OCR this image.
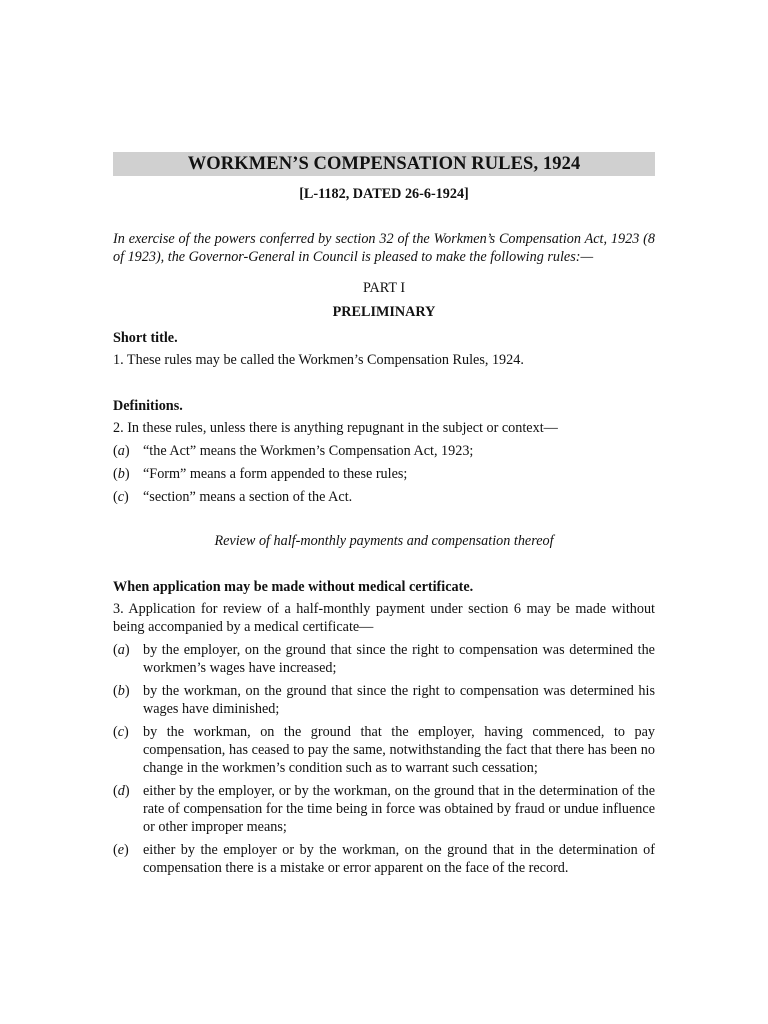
WORKMEN’S COMPENSATION RULES, 1924
[L-1182, DATED 26-6-1924]
In exercise of the powers conferred by section 32 of the Workmen’s Compensation Act, 1923 (8 of 1923), the Governor-General in Council is pleased to make the following rules:—
PART I
PRELIMINARY
Short title.
1. These rules may be called the Workmen’s Compensation Rules, 1924.
Definitions.
2. In these rules, unless there is anything repugnant in the subject or context—
(a) “the Act” means the Workmen’s Compensation Act, 1923;
(b) “Form” means a form appended to these rules;
(c)	“section” means a section of the Act.
Review of half-monthly payments and compensation thereof
When application may be made without medical certificate.
3. Application for review of a half-monthly payment under section 6 may be made without being accompanied by a medical certificate—
(a) by the employer, on the ground that since the right to compensation was determined the workmen’s wages have increased;
(b) by the workman, on the ground that since the right to compensation was determined his wages have diminished;
(c)	by the workman, on the ground that the employer, having commenced, to pay compensation, has ceased to pay the same, notwithstanding the fact that there has been no change in the workmen’s condition such as to warrant such cessation;
(d) either by the employer, or by the workman, on the ground that in the determination of the rate of compensation for the time being in force was obtained by fraud or undue influence or other improper means;
(e)	either by the employer or by the workman, on the ground that in the determination of compensation there is a mistake or error apparent on the face of the record.
